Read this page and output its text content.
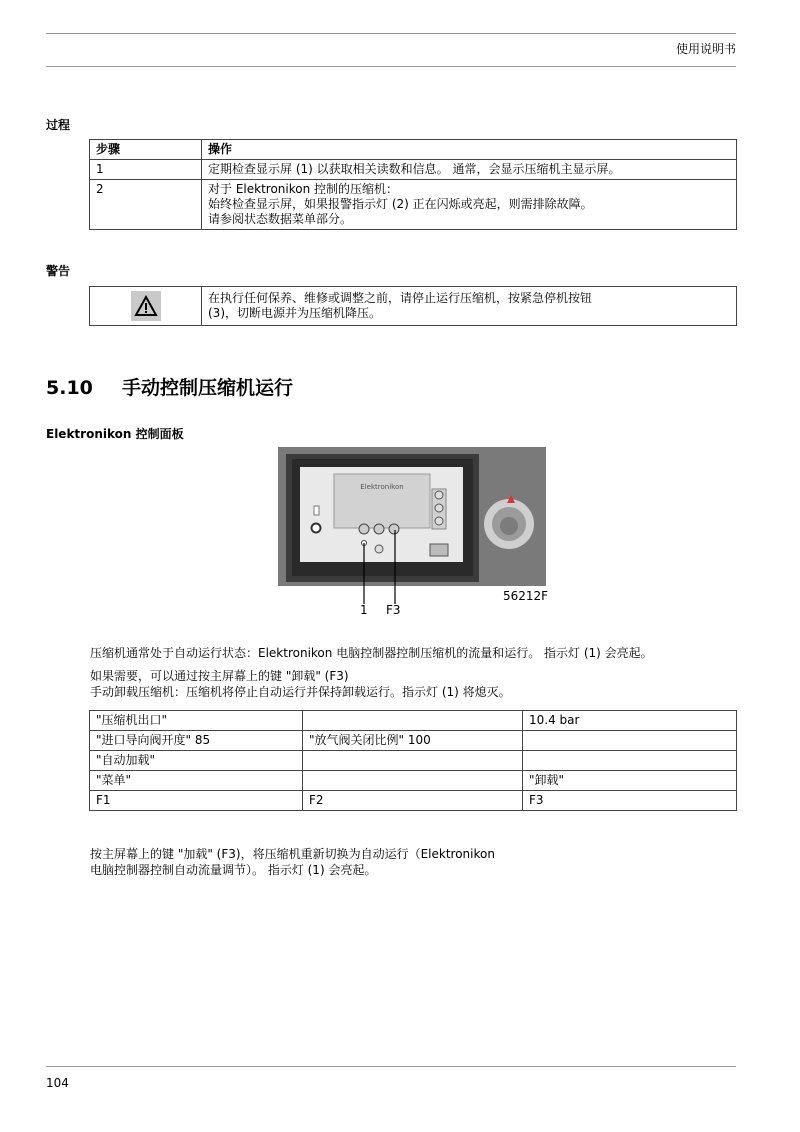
使用说明书
过程
步骤	操作
1	定期检查显示屏 (1) 以获取相关读数和信息。 通常，会显示压缩机主显示屏。

2	对于 Elektronikon 控制的压缩机：
始终检查显示屏，如果报警指示灯 (2) 正在闪烁或亮起，则需排除故障。
请参阅状态数据菜单部分。
警告

在执行任何保养、维修或调整之前，请停止运行压缩机，按紧急停机按钮
(3)，切断电源并为压缩机降压。
5.10 手动控制压缩机运行
Elektronikon 控制面板
Elektronikon
1 F3
56212F
压缩机通常处于自动运行状态：Elektronikon 电脑控制器控制压缩机的流量和运行。 指示灯 (1) 会亮起。
如果需要，可以通过按主屏幕上的键 "卸载" (F3)
手动卸载压缩机：压缩机将停止自动运行并保持卸载运行。指示灯 (1) 将熄灭。
"压缩机出口"		10.4 bar
"进口导向阀开度" 85	"放气阀关闭比例" 100	
"自动加载"		
"菜单"		"卸载"
F1	F2	F3
按主屏幕上的键 "加载" (F3)，将压缩机重新切换为自动运行（Elektronikon
电脑控制器控制自动流量调节）。 指示灯 (1) 会亮起。
104
